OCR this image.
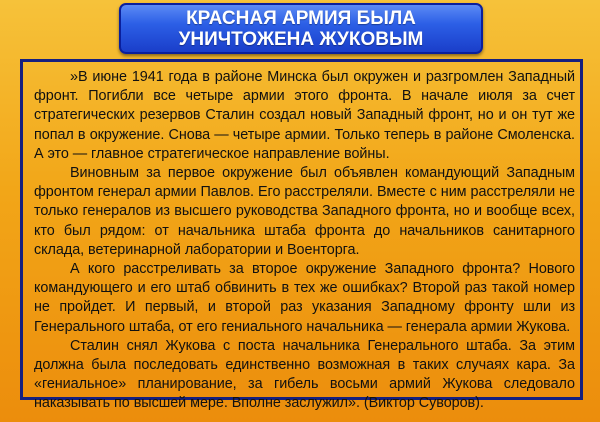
КРАСНАЯ АРМИЯ БЫЛА
УНИЧТОЖЕНА ЖУКОВЫМ

»В июне 1941 года в районе Минска был окружен и разгромлен Западный фронт. Погибли все четыре армии этого фронта. В начале июля за счет стратегических резервов Сталин создал новый Западный фронт, но и он тут же попал в окружение. Снова — четыре армии. Только теперь в районе Смоленска. А это — главное стратегическое направление войны.

Виновным за первое окружение был объявлен командующий Западным фронтом генерал армии Павлов. Его расстреляли. Вместе с ним расстреляли не только генералов из высшего руководства Западного фронта, но и вообще всех, кто был рядом: от начальника штаба фронта до начальников санитарного склада, ветеринарной лаборатории и Военторга.

А кого расстреливать за второе окружение Западного фронта? Нового командующего и его штаб обвинить в тех же ошибках? Второй раз такой номер не пройдет. И первый, и второй раз указания Западному фронту шли из Генерального штаба, от его гениального начальника — генерала армии Жукова.

Сталин снял Жукова с поста начальника Генерального штаба. За этим должна была последовать единственно возможная в таких случаях кара. За «гениальное» планирование, за гибель восьми армий Жукова следовало наказывать по высшей мере. Вполне заслужил». (Виктор Суворов).
